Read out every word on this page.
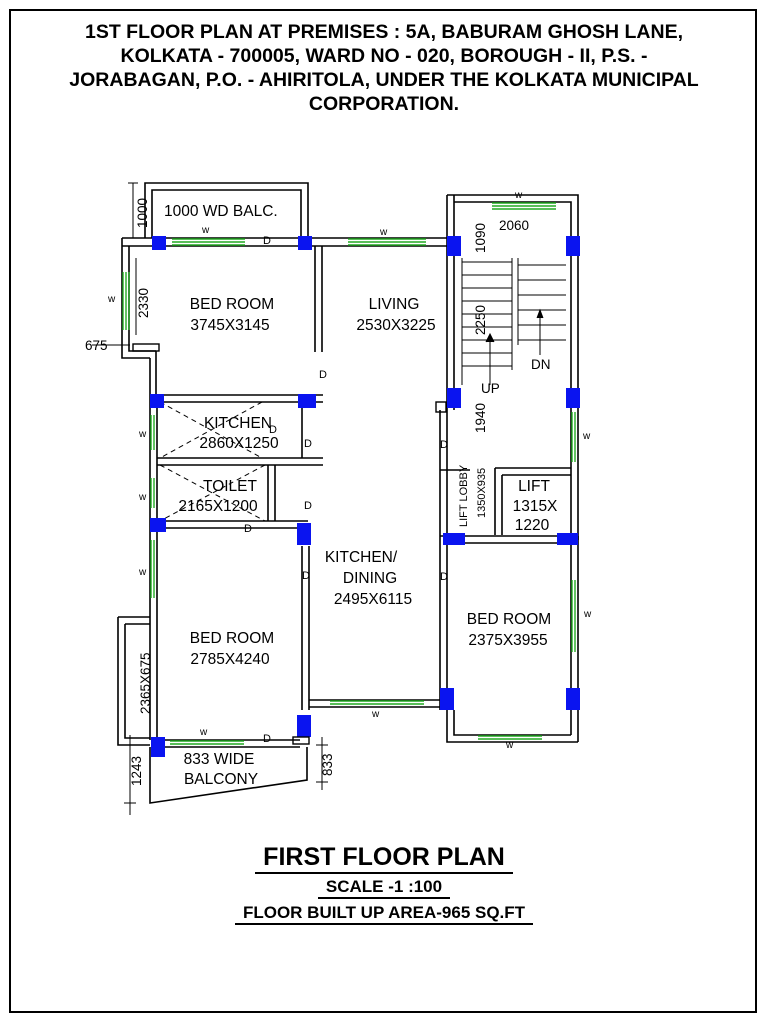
1ST FLOOR PLAN AT PREMISES : 5A, BABURAM GHOSH LANE,
KOLKATA - 700005, WARD NO - 020, BOROUGH - II, P.S. -
JORABAGAN, P.O. - AHIRITOLA, UNDER THE KOLKATA MUNICIPAL
CORPORATION.
1000 WD BALC.
BED ROOM
3745X3145
LIVING
2530X3225
KITCHEN
2860X1250
TOILET
2165X1200
KITCHEN/
DINING
2495X6115
BED ROOM
2785X4240
833 WIDE
BALCONY
LIFT LOBBY 1350X935 LIFT
1315X
1220
BED ROOM
2375X3955
UP
DN
D
D
D
D
D
D
D
D
D
D
w	w
w
w
w
w
w
w
w
w
w
w
1000
2330
675
2060
1090
2250
1940
2365X675
1243	833
FIRST FLOOR PLAN
SCALE -1 :100
FLOOR BUILT UP AREA-965 SQ.FT
